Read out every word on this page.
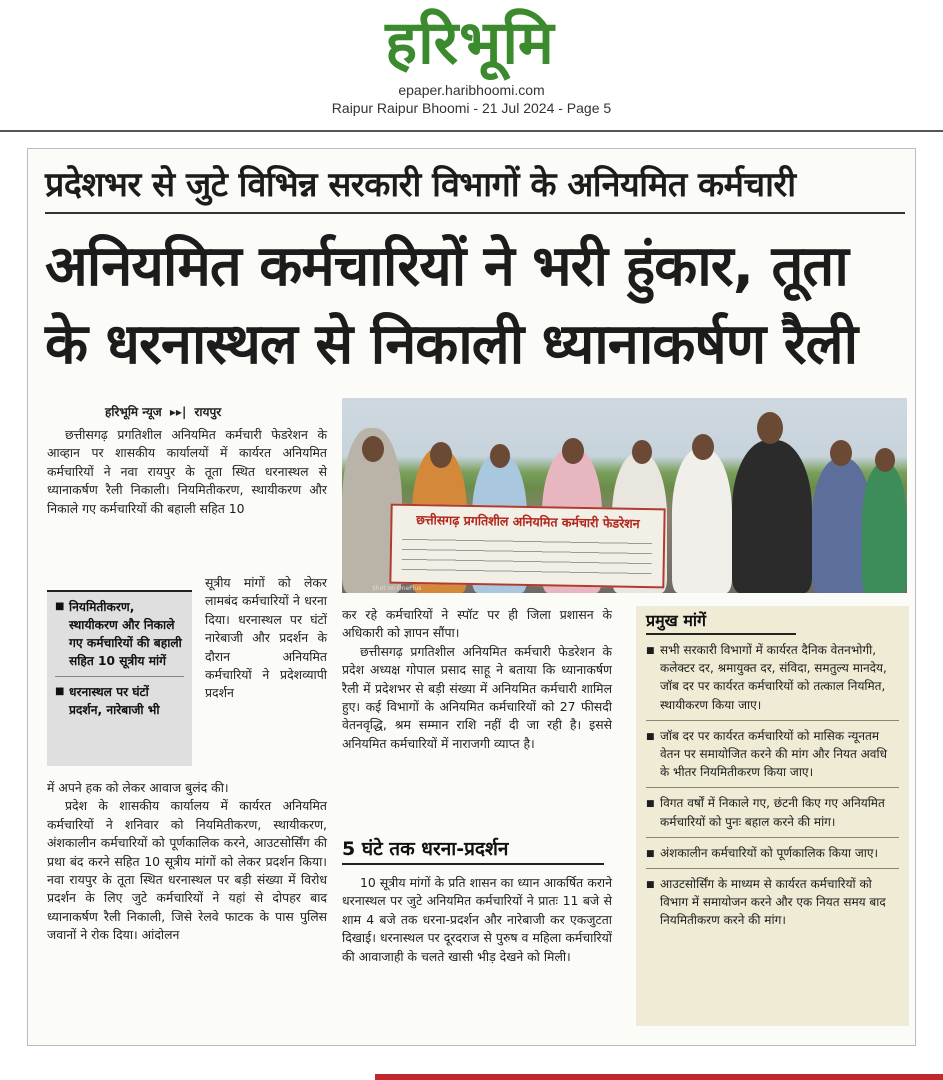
हरिभूमि
epaper.haribhoomi.com
Raipur Raipur Bhoomi - 21 Jul 2024 - Page 5
प्रदेशभर से जुटे विभिन्न सरकारी विभागों के अनियमित कर्मचारी
अनियमित कर्मचारियों ने भरी हुंकार, तूता
के धरनास्थल से निकाली ध्यानाकर्षण रैली
हरिभूमि न्यूज ▸▸| रायपुर
छत्तीसगढ़ प्रगतिशील अनियमित कर्मचारी फेडरेशन के आव्हान पर शासकीय कार्यालयों में कार्यरत अनियमित कर्मचारियों ने नवा रायपुर के तूता स्थित धरनास्थल से ध्यानाकर्षण रैली निकाली। नियमितीकरण, स्थायीकरण और निकाले गए कर्मचारियों की बहाली सहित 10
सूत्रीय मांगों को लेकर लामबंद कर्मचारियों ने धरना दिया। धरनास्थल पर घंटों नारेबाजी और प्रदर्शन के दौरान अनियमित कर्मचारियों ने प्रदेशव्यापी प्रदर्शन
■ नियमितीकरण, स्थायीकरण और निकाले गए कर्मचारियों की बहाली सहित 10 सूत्रीय मांगें
■ धरनास्थल पर घंटों प्रदर्शन, नारेबाजी भी
में अपने हक को लेकर आवाज बुलंद की।
प्रदेश के शासकीय कार्यालय में कार्यरत अनियमित कर्मचारियों ने शनिवार को नियमितीकरण, स्थायीकरण, अंशकालीन कर्मचारियों को पूर्णकालिक करने, आउटसोर्सिंग की प्रथा बंद करने सहित 10 सूत्रीय मांगों को लेकर प्रदर्शन किया। नवा रायपुर के तूता स्थित धरनास्थल पर बड़ी संख्या में विरोध प्रदर्शन के लिए जुटे कर्मचारियों ने यहां से दोपहर बाद ध्यानाकर्षण रैली निकाली, जिसे रेलवे फाटक के पास पुलिस जवानों ने रोक दिया। आंदोलन
छत्तीसगढ़ प्रगतिशील अनियमित कर्मचारी फेडरेशन
Shot on OnePlus
कर रहे कर्मचारियों ने स्पॉट पर ही जिला प्रशासन के अधिकारी को ज्ञापन सौंपा।
छत्तीसगढ़ प्रगतिशील अनियमित कर्मचारी फेडरेशन के प्रदेश अध्यक्ष गोपाल प्रसाद साहू ने बताया कि ध्यानाकर्षण रैली में प्रदेशभर से बड़ी संख्या में अनियमित कर्मचारी शामिल हुए। कई विभागों के अनियमित कर्मचारियों को 27 फीसदी वेतनवृद्धि, श्रम सम्मान राशि नहीं दी जा रही है। इससे अनियमित कर्मचारियों में नाराजगी व्याप्त है।
5 घंटे तक धरना-प्रदर्शन
10 सूत्रीय मांगों के प्रति शासन का ध्यान आकर्षित कराने धरनास्थल पर जुटे अनियमित कर्मचारियों ने प्रातः 11 बजे से शाम 4 बजे तक धरना-प्रदर्शन और नारेबाजी कर एकजुटता दिखाई। धरनास्थल पर दूरदराज से पुरुष व महिला कर्मचारियों की आवाजाही के चलते खासी भीड़ देखने को मिली।
प्रमुख मांगें
■ सभी सरकारी विभागों में कार्यरत दैनिक वेतनभोगी, कलेक्टर दर, श्रमायुक्त दर, संविदा, समतुल्य मानदेय, जॉब दर पर कार्यरत कर्मचारियों को तत्काल नियमित, स्थायीकरण किया जाए।
■ जॉब दर पर कार्यरत कर्मचारियों को मासिक न्यूनतम वेतन पर समायोजित करने की मांग और नियत अवधि के भीतर नियमितीकरण किया जाए।
■ विगत वर्षों में निकाले गए, छंटनी किए गए अनियमित कर्मचारियों को पुनः बहाल करने की मांग।
■ अंशकालीन कर्मचारियों को पूर्णकालिक किया जाए।
■ आउटसोर्सिंग के माध्यम से कार्यरत कर्मचारियों को विभाग में समायोजन करने और एक नियत समय बाद नियमितीकरण करने की मांग।
